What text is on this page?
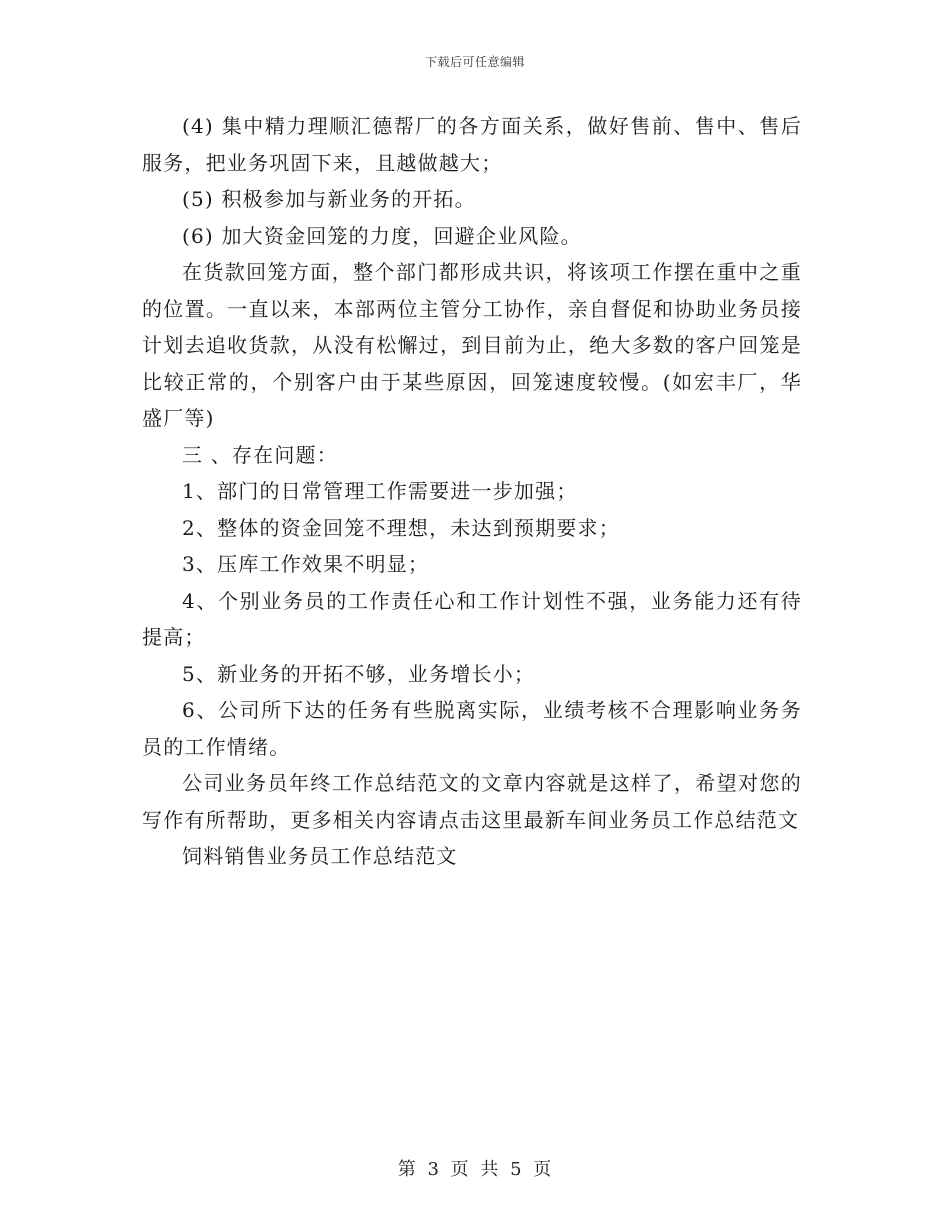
下载后可任意编辑

(4) 集中精力理顺汇德帮厂的各方面关系，做好售前、售中、售后服务，把业务巩固下来，且越做越大；

(5) 积极参加与新业务的开拓。

(6) 加大资金回笼的力度，回避企业风险。

在货款回笼方面，整个部门都形成共识，将该项工作摆在重中之重的位置。一直以来，本部两位主管分工协作，亲自督促和协助业务员接计划去追收货款，从没有松懈过，到目前为止，绝大多数的客户回笼是比较正常的，个别客户由于某些原因，回笼速度较慢。(如宏丰厂，华盛厂等)

三 、存在问题：

1、部门的日常管理工作需要进一步加强；

2、整体的资金回笼不理想，未达到预期要求；

3、压库工作效果不明显；

4、个别业务员的工作责任心和工作计划性不强，业务能力还有待提高；

5、新业务的开拓不够，业务增长小；

6、公司所下达的任务有些脱离实际，业绩考核不合理影响业务务员的工作情绪。

公司业务员年终工作总结范文的文章内容就是这样了，希望对您的写作有所帮助，更多相关内容请点击这里最新车间业务员工作总结范文

饲料销售业务员工作总结范文

第 3 页 共 5 页
